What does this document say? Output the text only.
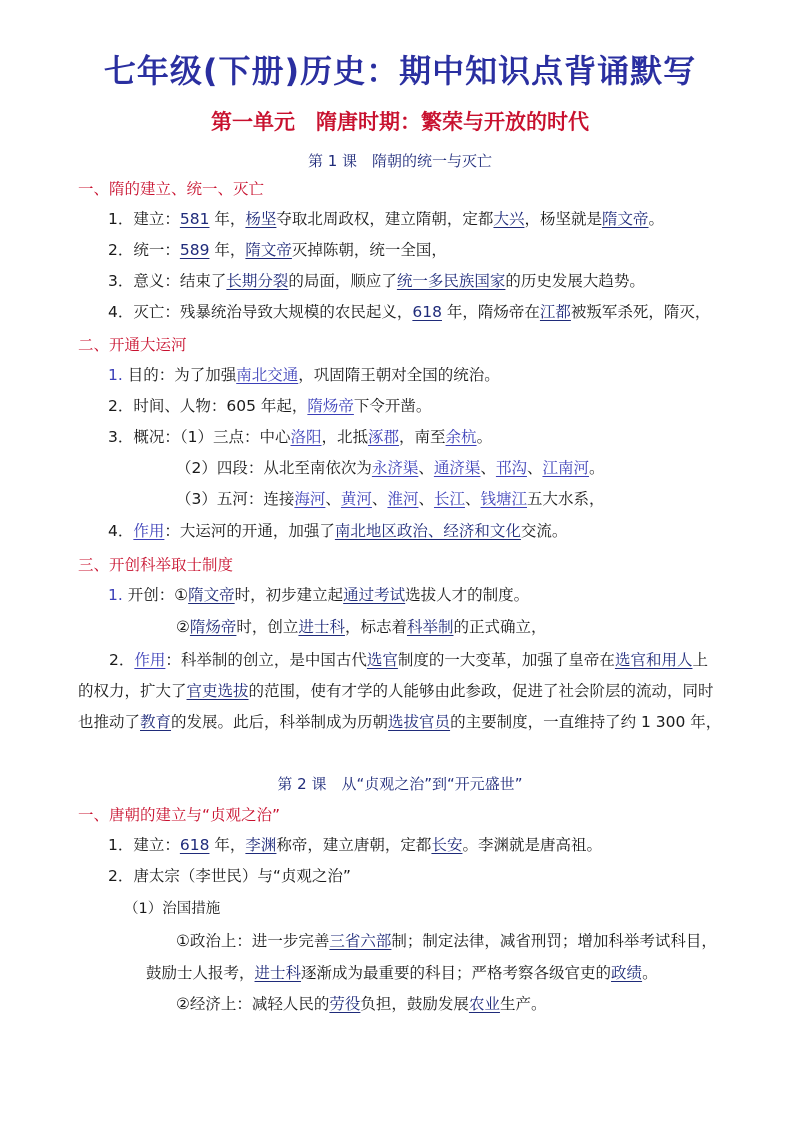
七年级(下册)历史：期中知识点背诵默写
第一单元　隋唐时期：繁荣与开放的时代
第 1 课　隋朝的统一与灭亡
一、隋的建立、统一、灭亡
1．建立：581 年，杨坚夺取北周政权，建立隋朝，定都大兴，杨坚就是隋文帝。
2．统一：589 年，隋文帝灭掉陈朝，统一全国，
3．意义：结束了长期分裂的局面，顺应了统一多民族国家的历史发展大趋势。
4．灭亡：残暴统治导致大规模的农民起义，618 年，隋炀帝在江都被叛军杀死，隋灭，
二、开通大运河
1. 目的：为了加强南北交通，巩固隋王朝对全国的统治。
2．时间、人物：605 年起，隋炀帝下令开凿。
3．概况：（1）三点：中心洛阳，北抵涿郡，南至余杭。
（2）四段：从北至南依次为永济渠、通济渠、邗沟、江南河。
（3）五河：连接海河、黄河、淮河、长江、钱塘江五大水系，
4．作用：大运河的开通，加强了南北地区政治、经济和文化交流。
三、开创科举取士制度
1. 开创：①隋文帝时，初步建立起通过考试选拔人才的制度。
②隋炀帝时，创立进士科，标志着科举制的正式确立，
2．作用：科举制的创立，是中国古代选官制度的一大变革，加强了皇帝在选官和用人上的权力，扩大了官吏选拔的范围，使有才学的人能够由此参政，促进了社会阶层的流动，同时也推动了教育的发展。此后，科举制成为历朝选拔官员的主要制度，一直维持了约 1 300 年，
第 2 课　从“贞观之治”到“开元盛世”
一、唐朝的建立与“贞观之治”
1．建立：618 年，李渊称帝，建立唐朝，定都长安。李渊就是唐高祖。
2．唐太宗（李世民）与“贞观之治”
（1）治国措施
①政治上：进一步完善三省六部制；制定法律，减省刑罚；增加科举考试科目，
鼓励士人报考，进士科逐渐成为最重要的科目；严格考察各级官吏的政绩。
②经济上：减轻人民的劳役负担，鼓励发展农业生产。
